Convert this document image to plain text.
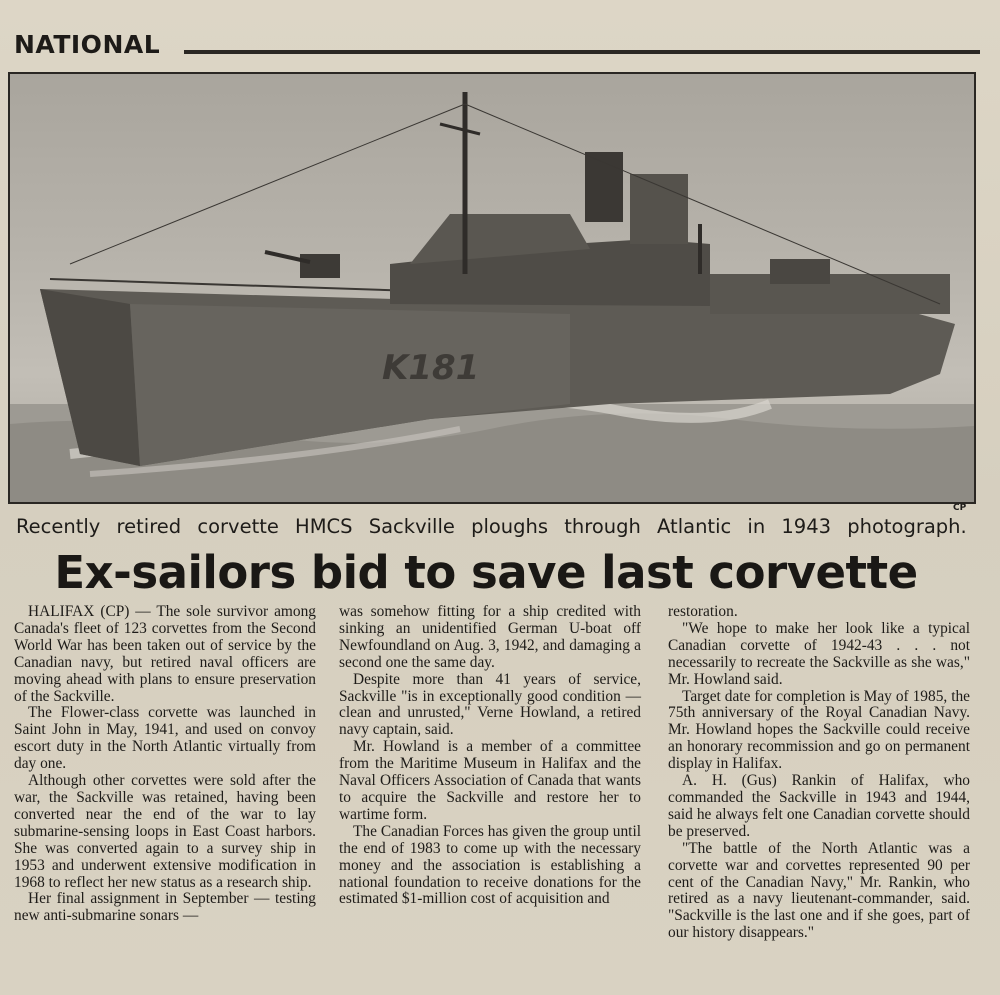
NATIONAL
K181
CP
Recently retired corvette HMCS Sackville ploughs through Atlantic in 1943 photograph.
Ex-sailors bid to save last corvette

HALIFAX (CP) — The sole survivor among Canada's fleet of 123 corvettes from the Second World War has been taken out of service by the Canadian navy, but retired naval officers are moving ahead with plans to ensure preservation of the Sackville.

The Flower-class corvette was launched in Saint John in May, 1941, and used on convoy escort duty in the North Atlantic virtually from day one.

Although other corvettes were sold after the war, the Sackville was retained, having been converted near the end of the war to lay submarine-sensing loops in East Coast harbors. She was converted again to a survey ship in 1953 and underwent extensive modification in 1968 to reflect her new status as a research ship.

Her final assignment in September — testing new anti-submarine sonars —

was somehow fitting for a ship credited with sinking an unidentified German U-boat off Newfoundland on Aug. 3, 1942, and damaging a second one the same day.

Despite more than 41 years of service, Sackville "is in exceptionally good condition — clean and unrusted," Verne Howland, a retired navy captain, said.

Mr. Howland is a member of a committee from the Maritime Museum in Halifax and the Naval Officers Association of Canada that wants to acquire the Sackville and restore her to wartime form.

The Canadian Forces has given the group until the end of 1983 to come up with the necessary money and the association is establishing a national foundation to receive donations for the estimated $1-million cost of acquisition and

restoration.

"We hope to make her look like a typical Canadian corvette of 1942-43 . . . not necessarily to recreate the Sackville as she was," Mr. Howland said.

Target date for completion is May of 1985, the 75th anniversary of the Royal Canadian Navy. Mr. Howland hopes the Sackville could receive an honorary recommission and go on permanent display in Halifax.

A. H. (Gus) Rankin of Halifax, who commanded the Sackville in 1943 and 1944, said he always felt one Canadian corvette should be preserved.

"The battle of the North Atlantic was a corvette war and corvettes represented 90 per cent of the Canadian Navy," Mr. Rankin, who retired as a navy lieutenant-commander, said. "Sackville is the last one and if she goes, part of our history disappears."
